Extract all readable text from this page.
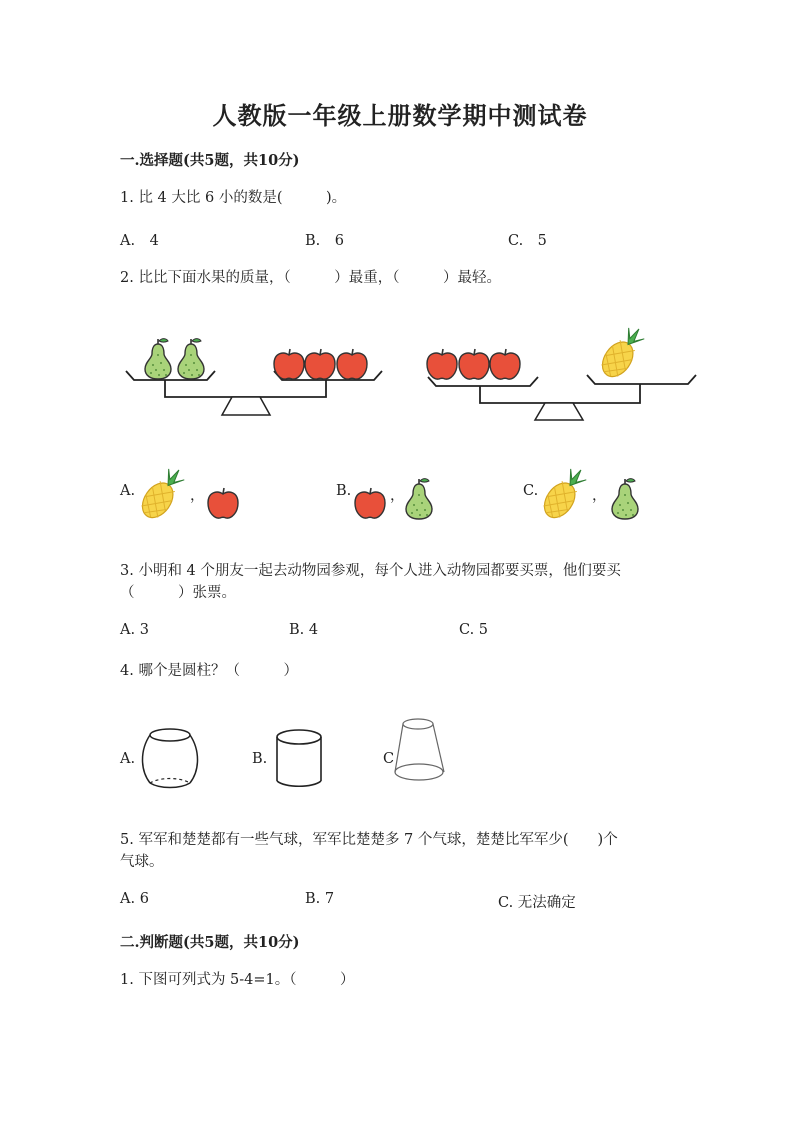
人教版一年级上册数学期中测试卷
一.选择题(共5题，共10分)
1. 比 4 大比 6 小的数是(　　　)。
A.　4	B.　6	C.　5
2. 比比下面水果的质量，（　　　）最重，（　　　）最轻。
A.	，	B.	，	C.	，
3. 小明和 4 个朋友一起去动物园参观，每个人进入动物园都要买票，他们要买
（　　　）张票。
A. 3	B. 4	C. 5
4. 哪个是圆柱？（　　　）
A.	B.	C
5. 军军和楚楚都有一些气球，军军比楚楚多 7 个气球，楚楚比军军少(　　)个
气球。
A. 6	B. 7	C. 无法确定
二.判断题(共5题，共10分)
1. 下图可列式为 5-4=1。（　　　）
